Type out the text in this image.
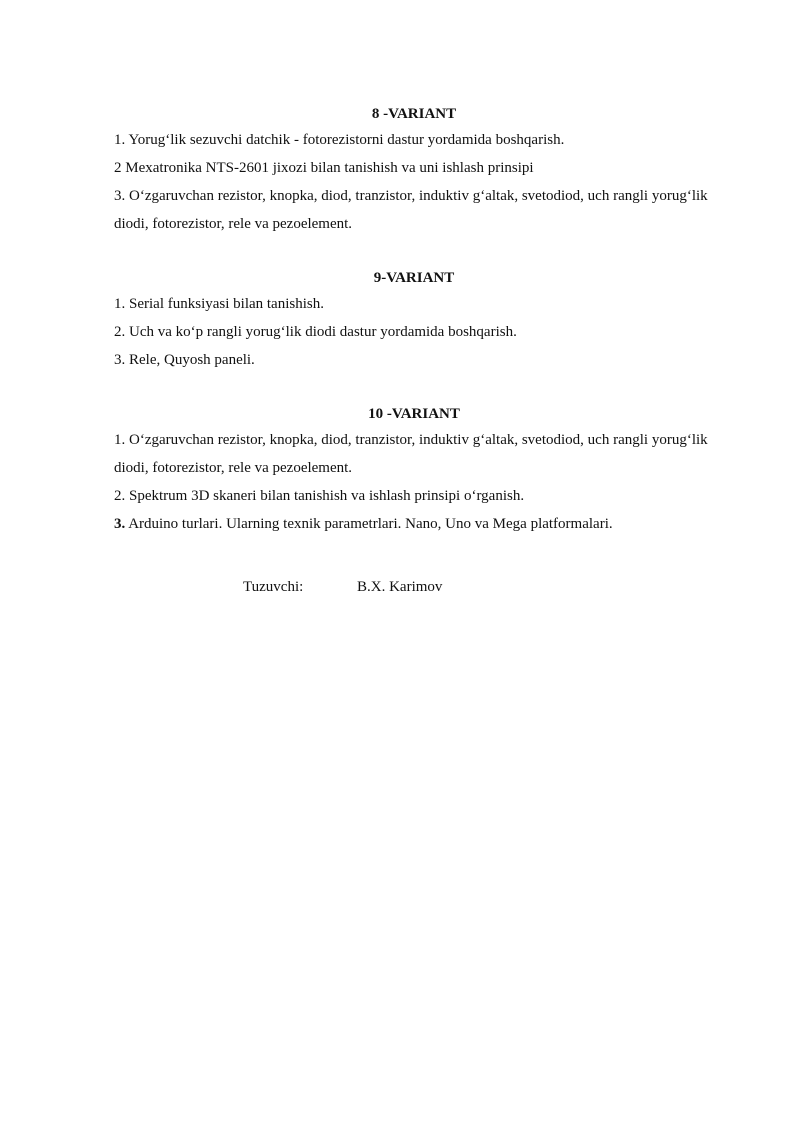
8 -VARIANT
1. Yorug‘lik sezuvchi datchik - fotorezistorni dastur yordamida boshqarish.
2 Mexatronika NTS-2601 jixozi bilan tanishish va uni ishlash prinsipi
3. O‘zgaruvchan rezistor, knopka, diod, tranzistor, induktiv g‘altak, svetodiod, uch rangli yorug‘lik diodi, fotorezistor, rele va pezoelement.
9-VARIANT
1. Serial funksiyasi bilan tanishish.
2. Uch va ko‘p rangli yorug‘lik diodi dastur yordamida boshqarish.
3. Rele, Quyosh paneli.
10 -VARIANT
1. O‘zgaruvchan rezistor, knopka, diod, tranzistor, induktiv g‘altak, svetodiod, uch rangli yorug‘lik diodi, fotorezistor, rele va pezoelement.
2. Spektrum 3D skaneri bilan tanishish va ishlash prinsipi o‘rganish.
3. Arduino turlari. Ularning texnik parametrlari. Nano, Uno va Mega platformalari.
Tuzuvchi:	B.X. Karimov
